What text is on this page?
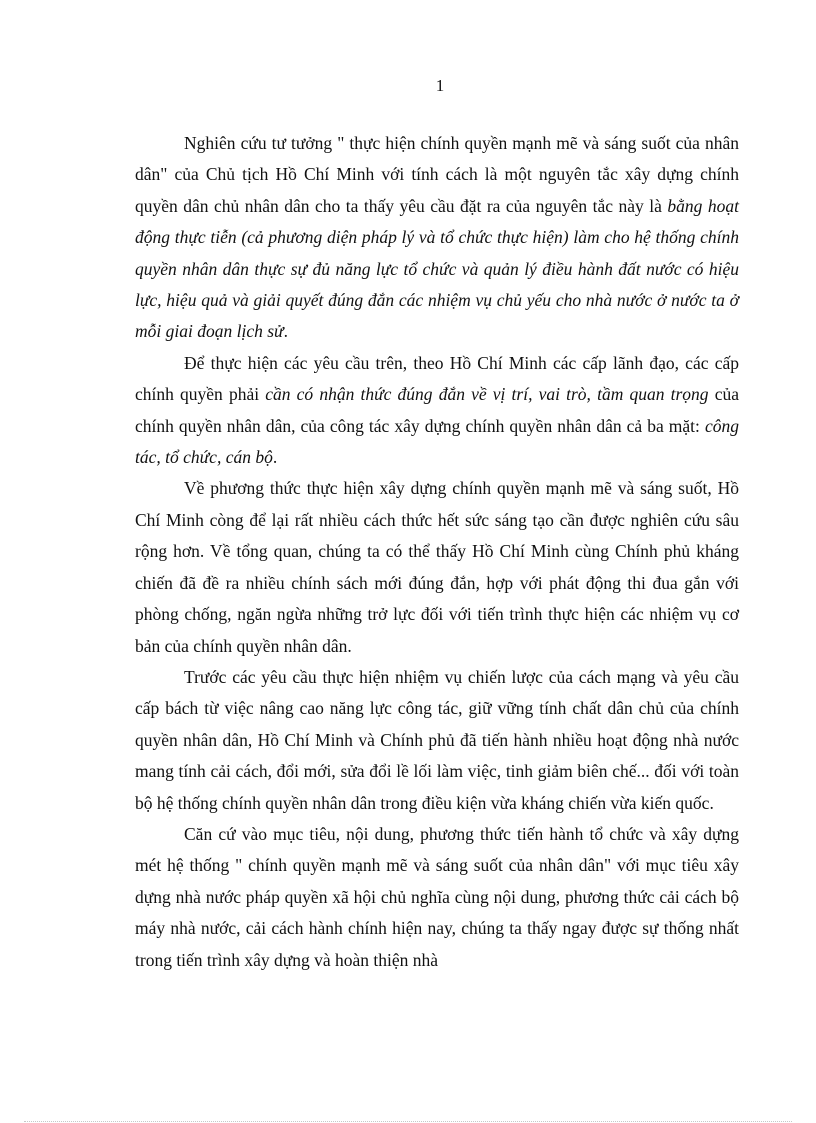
1

Nghiên cứu tư tưởng " thực hiện chính quyền mạnh mẽ và sáng suốt của nhân dân" của Chủ tịch Hồ Chí Minh với tính cách là một nguyên tắc xây dựng chính quyền dân chủ nhân dân cho ta thấy yêu cầu đặt ra của nguyên tắc này là bằng hoạt động thực tiễn (cả phương diện pháp lý và tổ chức thực hiện) làm cho hệ thống chính quyền nhân dân thực sự đủ năng lực tổ chức và quản lý điều hành đất nước có hiệu lực, hiệu quả và giải quyết đúng đắn các nhiệm vụ chủ yếu cho nhà nước ở nước ta ở mỗi giai đoạn lịch sử.

Để thực hiện các yêu cầu trên, theo Hồ Chí Minh các cấp lãnh đạo, các cấp chính quyền phải cần có nhận thức đúng đắn về vị trí, vai trò, tầm quan trọng của chính quyền nhân dân, của công tác xây dựng chính quyền nhân dân cả ba mặt: công tác, tổ chức, cán bộ.

Về phương thức thực hiện xây dựng chính quyền mạnh mẽ và sáng suốt, Hồ Chí Minh còng để lại rất nhiều cách thức hết sức sáng tạo cần được nghiên cứu sâu rộng hơn. Về tổng quan, chúng ta có thể thấy Hồ Chí Minh cùng Chính phủ kháng chiến đã đề ra nhiều chính sách mới đúng đắn, hợp với phát động thi đua gắn với phòng chống, ngăn ngừa những trở lực đối với tiến trình thực hiện các nhiệm vụ cơ bản của chính quyền nhân dân.

Trước các yêu cầu thực hiện nhiệm vụ chiến lược của cách mạng và yêu cầu cấp bách từ việc nâng cao năng lực công tác, giữ vững tính chất dân chủ của chính quyền nhân dân, Hồ Chí Minh và Chính phủ đã tiến hành nhiều hoạt động nhà nước mang tính cải cách, đổi mới, sửa đổi lề lối làm việc, tinh giảm biên chế... đối với toàn bộ hệ thống chính quyền nhân dân trong điều kiện vừa kháng chiến vừa kiến quốc.

Căn cứ vào mục tiêu, nội dung, phương thức tiến hành tổ chức và xây dựng mét hệ thống " chính quyền mạnh mẽ và sáng suốt của nhân dân" với mục tiêu xây dựng nhà nước pháp quyền xã hội chủ nghĩa cùng nội dung, phương thức cải cách bộ máy nhà nước, cải cách hành chính hiện nay, chúng ta thấy ngay được sự thống nhất trong tiến trình xây dựng và hoàn thiện nhà
